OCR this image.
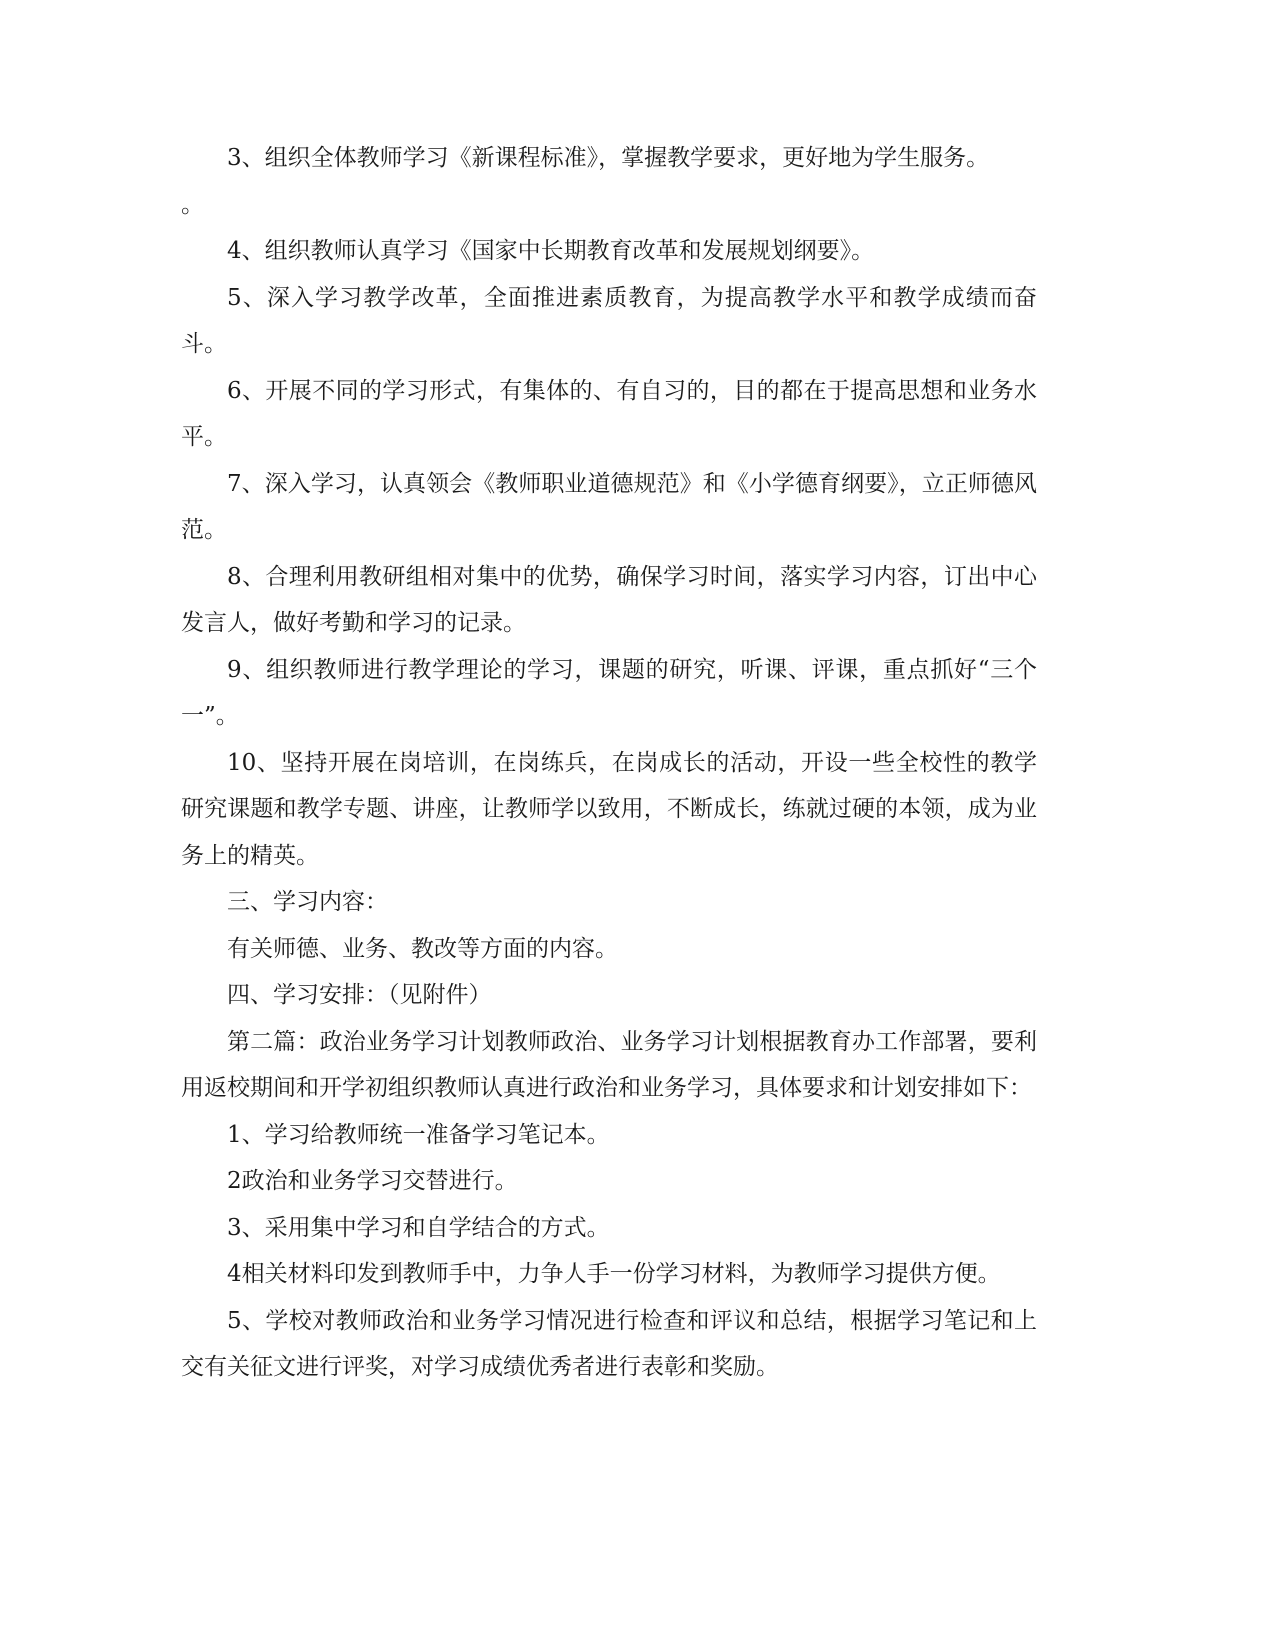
3、组织全体教师学习《新课程标准》，掌握教学要求，更好地为学生服务。

。

4、组织教师认真学习《国家中长期教育改革和发展规划纲要》。

5、深入学习教学改革，全面推进素质教育，为提高教学水平和教学成绩而奋斗。

6、开展不同的学习形式，有集体的、有自习的，目的都在于提高思想和业务水平。

7、深入学习，认真领会《教师职业道德规范》和《小学德育纲要》，立正师德风范。

8、合理利用教研组相对集中的优势，确保学习时间，落实学习内容，订出中心发言人，做好考勤和学习的记录。

9、组织教师进行教学理论的学习，课题的研究，听课、评课，重点抓好“三个一”。

10、坚持开展在岗培训，在岗练兵，在岗成长的活动，开设一些全校性的教学研究课题和教学专题、讲座，让教师学以致用，不断成长，练就过硬的本领，成为业务上的精英。

三、学习内容：

有关师德、业务、教改等方面的内容。

四、学习安排：（见附件）

第二篇：政治业务学习计划教师政治、业务学习计划根据教育办工作部署，要利用返校期间和开学初组织教师认真进行政治和业务学习，具体要求和计划安排如下：

1、学习给教师统一准备学习笔记本。

2政治和业务学习交替进行。

3、采用集中学习和自学结合的方式。

4相关材料印发到教师手中，力争人手一份学习材料，为教师学习提供方便。

5、学校对教师政治和业务学习情况进行检查和评议和总结，根据学习笔记和上交有关征文进行评奖，对学习成绩优秀者进行表彰和奖励。
